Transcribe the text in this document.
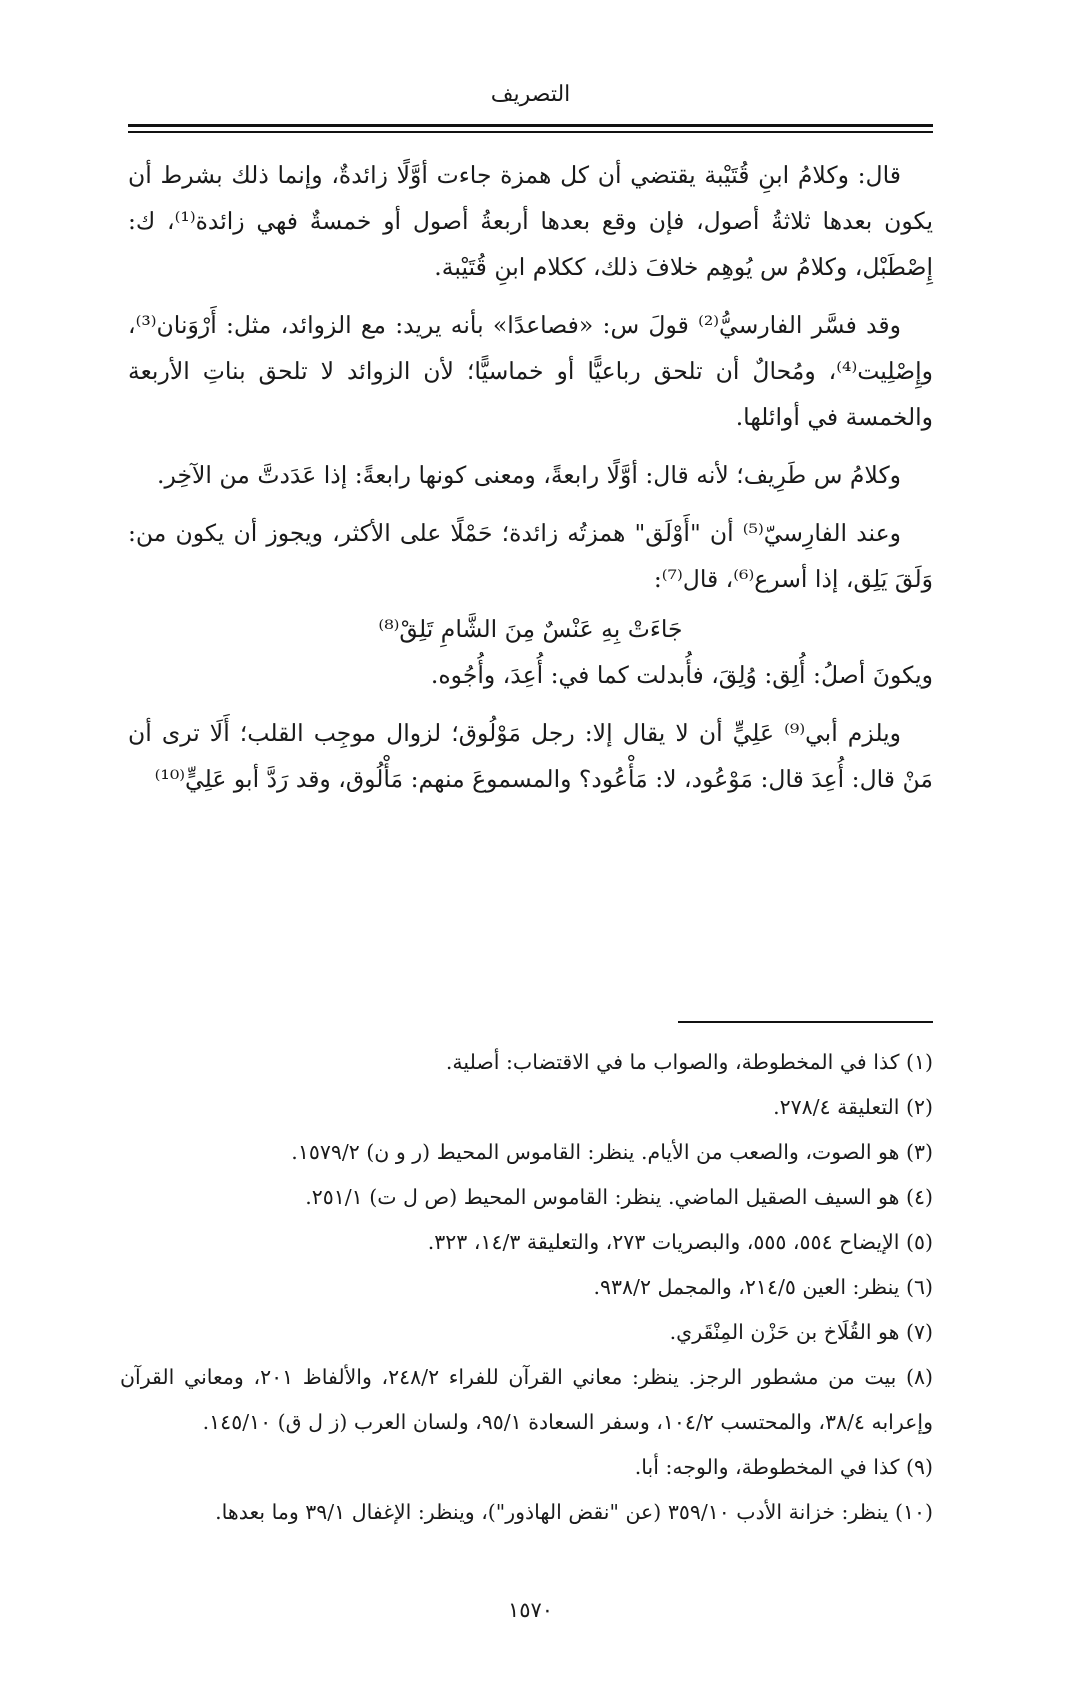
التصريف

قال: وكلامُ ابنِ قُتَيْبة يقتضي أن كل همزة جاءت أوَّلًا زائدةٌ، وإنما ذلك بشرط أن يكون بعدها ثلاثةُ أصول، فإن وقع بعدها أربعةُ أصول أو خمسةٌ فهي زائدة⁽¹⁾، ك: إِصْطَبْل، وكلامُ س يُوهِم خلافَ ذلك، ككلام ابنِ قُتَيْبة.

وقد فسَّر الفارسيُّ⁽²⁾ قولَ س: «فصاعدًا» بأنه يريد: مع الزوائد، مثل: أَرْوَنان⁽³⁾، وإِصْلِيت⁽⁴⁾، ومُحالٌ أن تلحق رباعيًّا أو خماسيًّا؛ لأن الزوائد لا تلحق بناتِ الأربعة والخمسة في أوائلها.

وكلامُ س طَرِيف؛ لأنه قال: أوَّلًا رابعةً، ومعنى كونها رابعةً: إذا عَدَدتَّ من الآخِر.

وعند الفارِسيّ⁽⁵⁾ أن "أَوْلَق" همزتُه زائدة؛ حَمْلًا على الأكثر، ويجوز أن يكون من: وَلَقَ يَلِق، إذا أسرع⁽⁶⁾، قال⁽⁷⁾:

جَاءَتْ بِهِ عَنْسٌ مِنَ الشَّامِ تَلِقْ⁽⁸⁾

ويكونَ أصلُ: أُلِق: وُلِقَ، فأُبدلت كما في: أُعِدَ، وأُجُوه.

ويلزم أبي⁽⁹⁾ عَلِيٍّ أن لا يقال إلا: رجل مَوْلُوق؛ لزوال موجِب القلب؛ أَلَا ترى أن مَنْ قال: أُعِدَ قال: مَوْعُود، لا: مَأْعُود؟ والمسموعَ منهم: مَأْلُوق، وقد رَدَّ أبو عَلِيٍّ⁽¹⁰⁾

(١) كذا في المخطوطة، والصواب ما في الاقتضاب: أصلية.

(٢) التعليقة ٢٧٨/٤.

(٣) هو الصوت، والصعب من الأيام. ينظر: القاموس المحيط (ر و ن) ١٥٧٩/٢.

(٤) هو السيف الصقيل الماضي. ينظر: القاموس المحيط (ص ل ت) ٢٥١/١.

(٥) الإيضاح ٥٥٤، ٥٥٥، والبصريات ٢٧٣، والتعليقة ١٤/٣، ٣٢٣.

(٦) ينظر: العين ٢١٤/٥، والمجمل ٩٣٨/٢.

(٧) هو القُلَاخ بن حَزْن المِنْقَري.

(٨) بيت من مشطور الرجز. ينظر: معاني القرآن للفراء ٢٤٨/٢، والألفاظ ٢٠١، ومعاني القرآن وإعرابه ٣٨/٤، والمحتسب ١٠٤/٢، وسفر السعادة ٩٥/١، ولسان العرب (ز ل ق) ١٤٥/١٠.

(٩) كذا في المخطوطة، والوجه: أبا.

(١٠) ينظر: خزانة الأدب ٣٥٩/١٠ (عن "نقض الهاذور")، وينظر: الإغفال ٣٩/١ وما بعدها.

١٥٧٠
